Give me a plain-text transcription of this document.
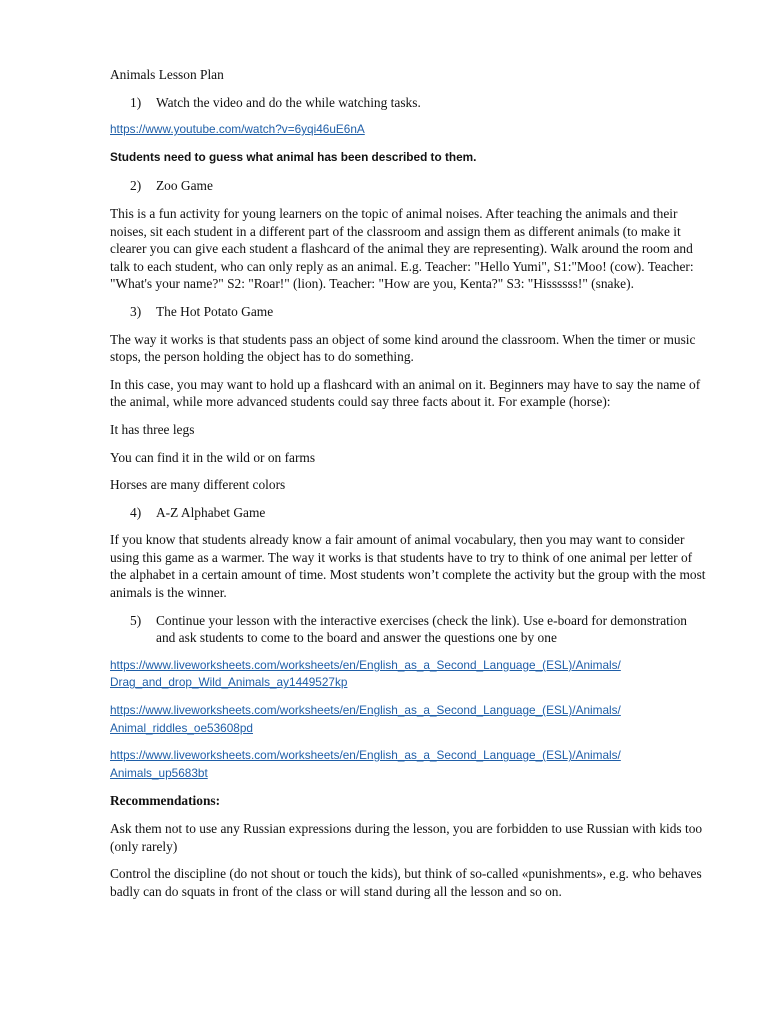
Animals Lesson Plan

1)	Watch the video and do the while watching tasks.
https://www.youtube.com/watch?v=6yqi46uE6nA

Students need to guess what animal has been described to them.

2)	Zoo Game

This is a fun activity for young learners on the topic of animal noises. After teaching the animals and their noises, sit each student in a different part of the classroom and assign them as different animals (to make it clearer you can give each student a flashcard of the animal they are representing). Walk around the room and talk to each student, who can only reply as an animal. E.g. Teacher: "Hello Yumi", S1:"Moo! (cow). Teacher: "What's your name?" S2: "Roar!" (lion). Teacher: "How are you, Kenta?" S3: "Hissssss!" (snake).

3)	The Hot Potato Game

The way it works is that students pass an object of some kind around the classroom. When the timer or music stops, the person holding the object has to do something.

In this case, you may want to hold up a flashcard with an animal on it. Beginners may have to say the name of the animal, while more advanced students could say three facts about it. For example (horse):

It has three legs

You can find it in the wild or on farms

Horses are many different colors

4)	A-Z Alphabet Game

If you know that students already know a fair amount of animal vocabulary, then you may want to consider using this game as a warmer. The way it works is that students have to try to think of one animal per letter of the alphabet in a certain amount of time. Most students won’t complete the activity but the group with the most animals is the winner.

5)	Continue your lesson with the interactive exercises (check the link). Use e-board for demonstration and ask students to come to the board and answer the questions one by one
https://www.liveworksheets.com/worksheets/en/English_as_a_Second_Language_(ESL)/Animals/
Drag_and_drop_Wild_Animals_ay1449527kp
https://www.liveworksheets.com/worksheets/en/English_as_a_Second_Language_(ESL)/Animals/
Animal_riddles_oe53608pd
https://www.liveworksheets.com/worksheets/en/English_as_a_Second_Language_(ESL)/Animals/
Animals_up5683bt

Recommendations:

Ask them not to use any Russian expressions during the lesson, you are forbidden to use Russian with kids too (only rarely)

Control the discipline (do not shout or touch the kids), but think of so-called «punishments», e.g. who behaves badly can do squats in front of the class or will stand during all the lesson and so on.
